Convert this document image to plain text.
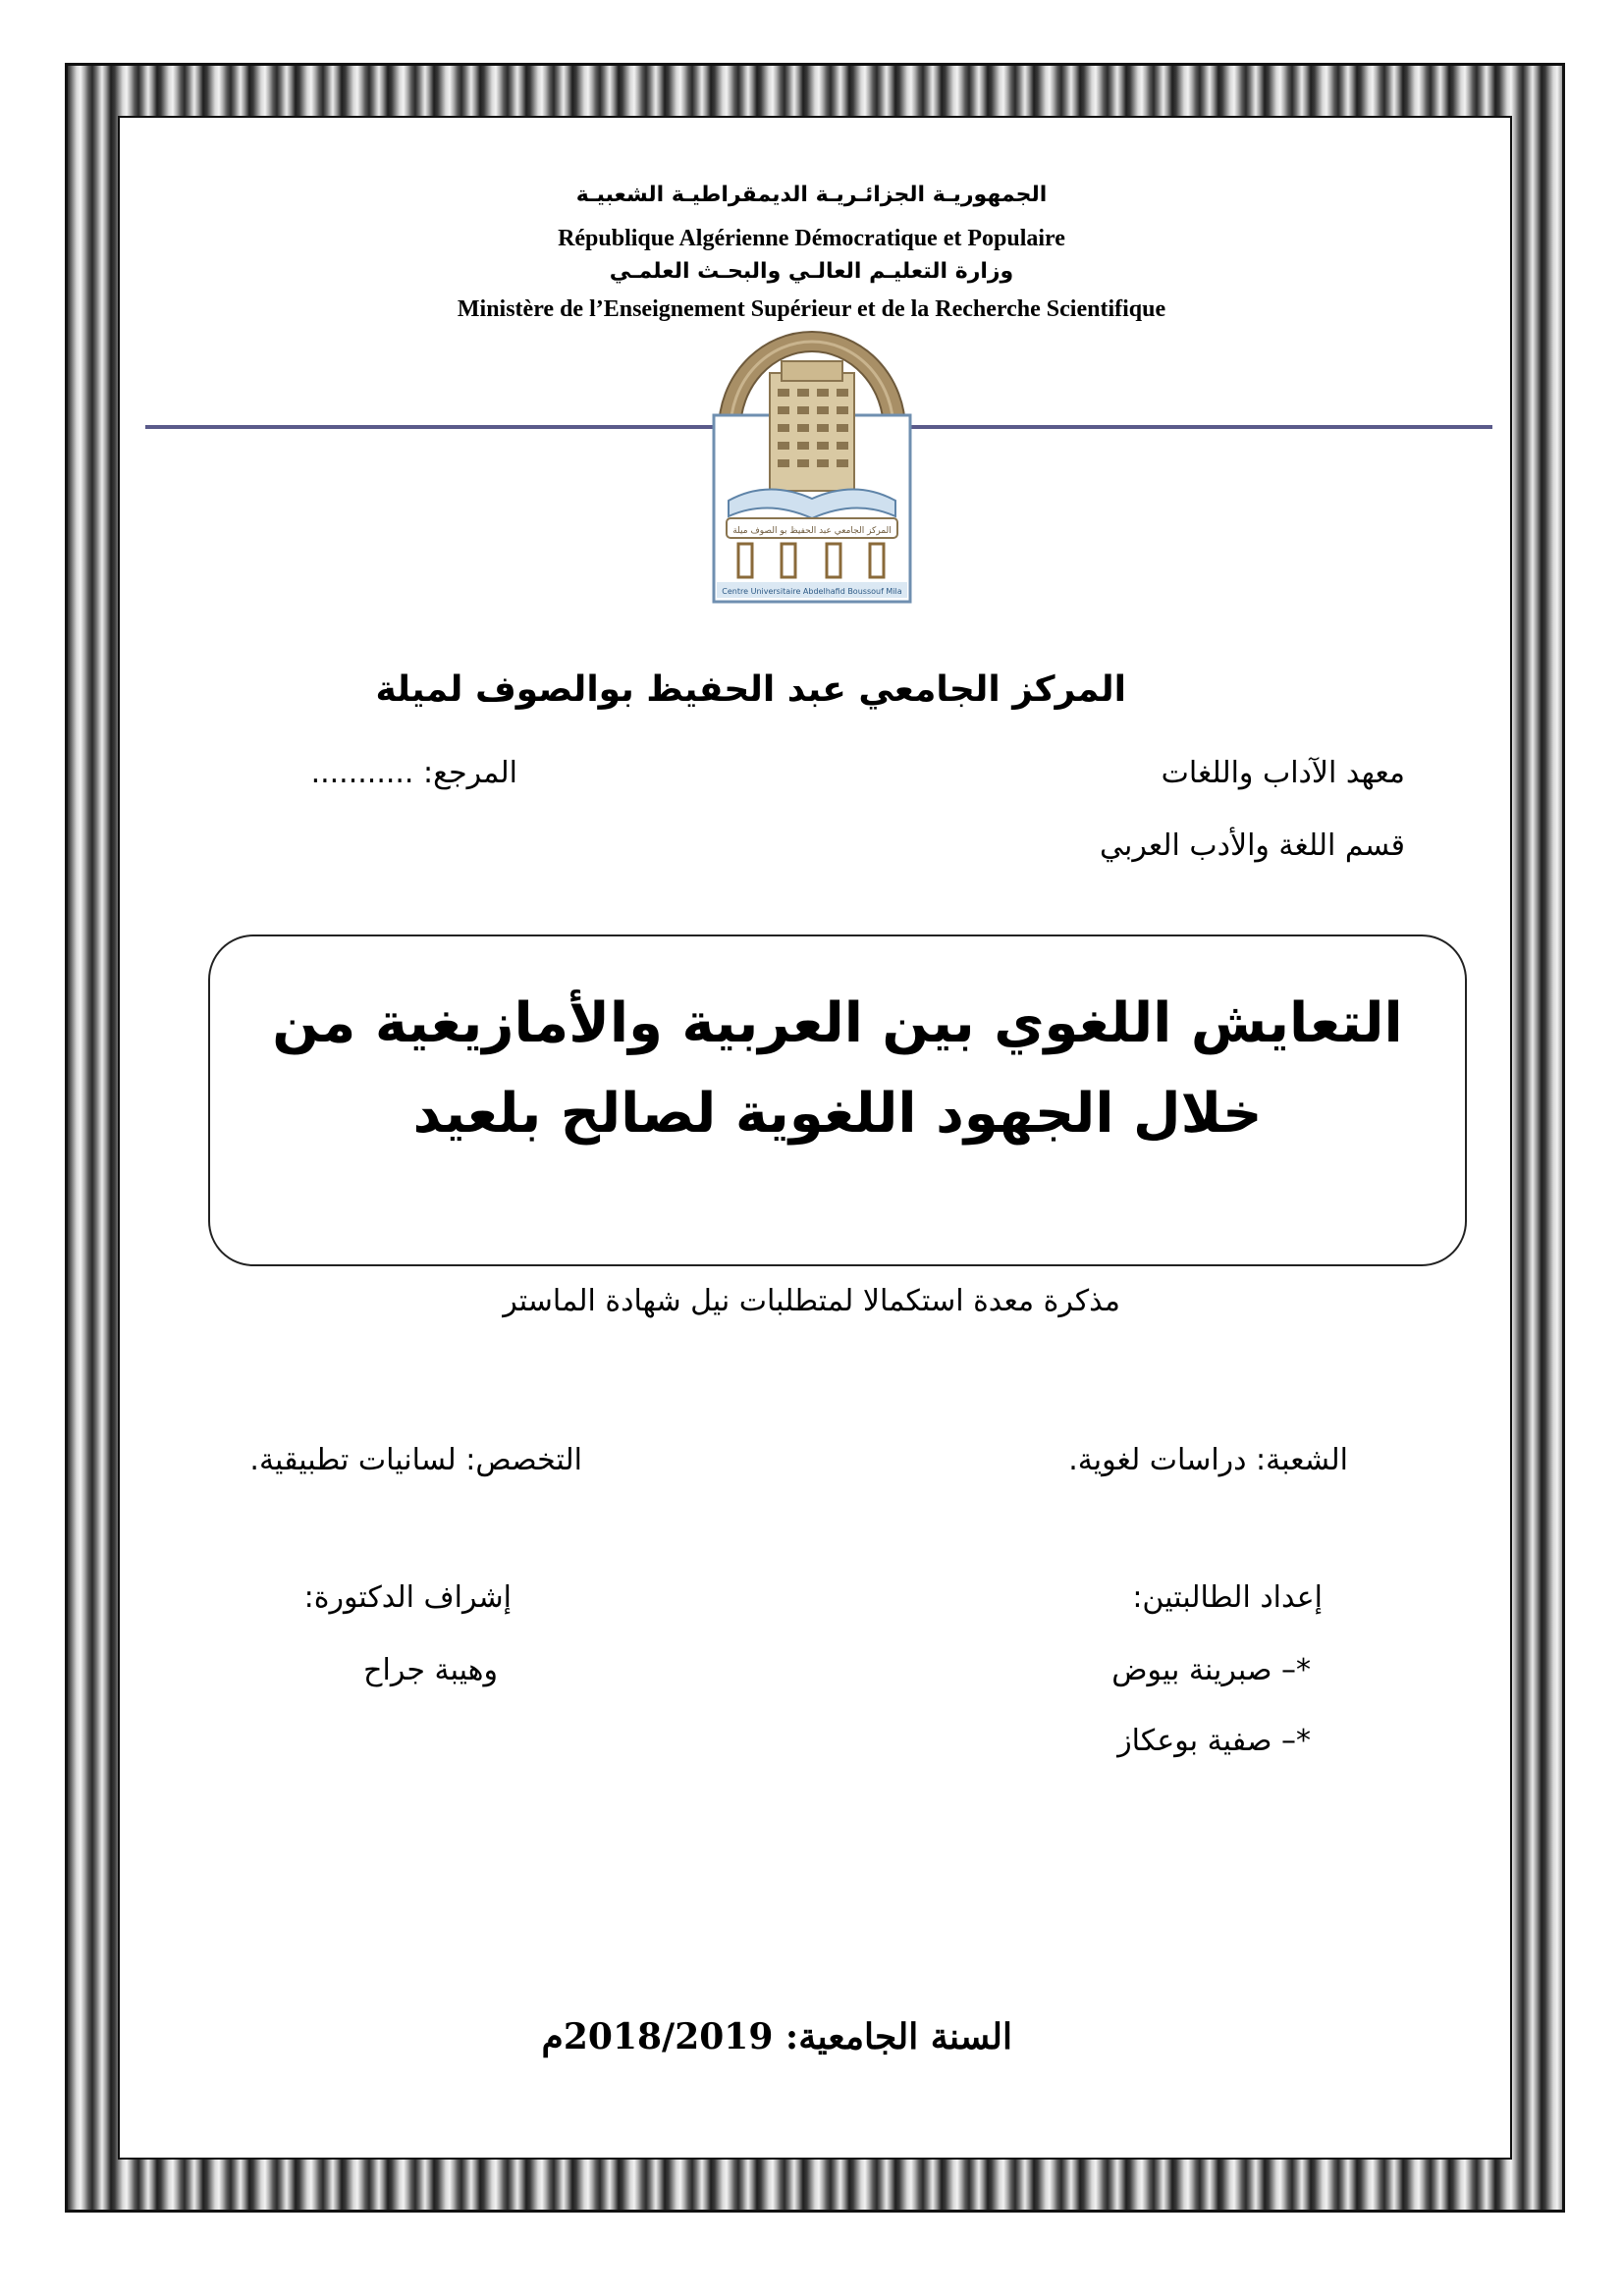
الجمهوريـة الجزائـريـة الديمقراطيـة الشعبيـة
République Algérienne Démocratique et Populaire
وزارة التعليـم العالـي والبحـث العلمـي
Ministère de l’Enseignement Supérieur et de la Recherche Scientifique
المركز الجامعي عبد الحفيظ بو الصوف ميلة
Centre Universitaire Abdelhafid Boussouf Mila
المركز الجامعي عبد الحفيظ بوالصوف لميلة
معهد الآداب واللغات
المرجع: ...........
قسم اللغة والأدب العربي
التعايش اللغوي بين العربية والأمازيغية من
خلال الجهود اللغوية لصالح بلعيد
مذكرة معدة استكمالا لمتطلبات نيل شهادة الماستر
الشعبة: دراسات لغوية.
التخصص: لسانيات تطبيقية.
إعداد الطالبتين:
إشراف الدكتورة:
*– صبرينة بيوض
وهيبة جراح
*– صفية بوعكاز
السنة الجامعية: 2018/2019م
